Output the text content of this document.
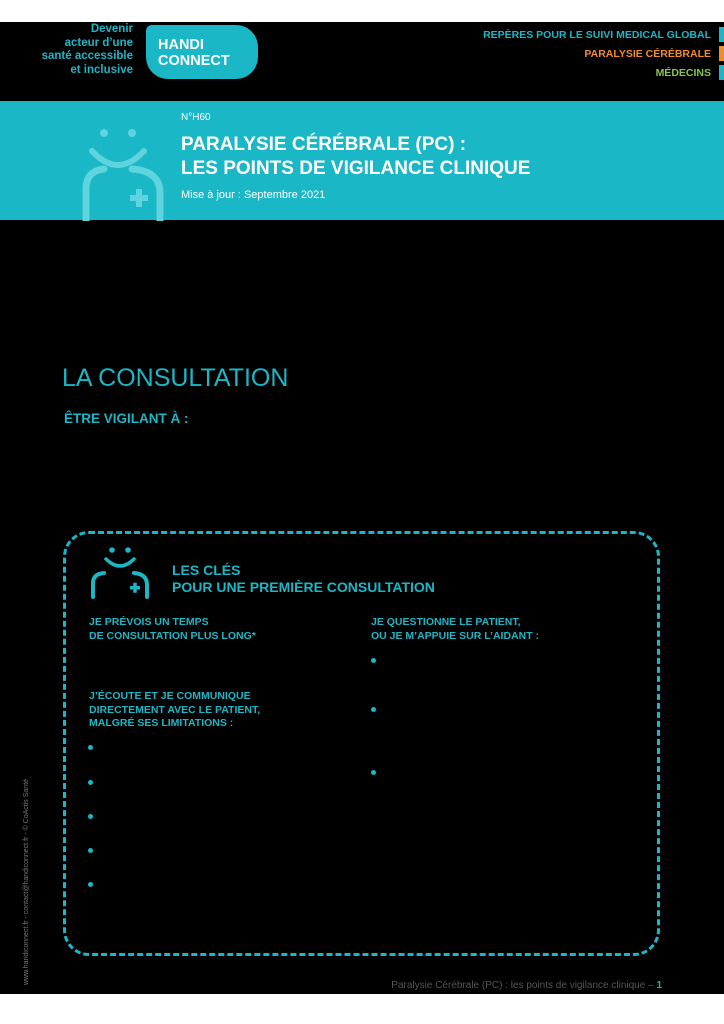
Devenir
acteur d’une
santé accessible
et inclusive
HANDI
CONNECT
REPÈRES POUR LE SUIVI MEDICAL GLOBAL
PARALYSIE CÉRÉBRALE
MÉDECINS
N°H60
PARALYSIE CÉRÉBRALE (PC) :
LES POINTS DE VIGILANCE CLINIQUE
Mise à jour : Septembre 2021
LA CONSULTATION
ÊTRE VIGILANT À :
LES CLÉS
POUR UNE PREMIÈRE CONSULTATION
JE PRÉVOIS UN TEMPS
DE CONSULTATION PLUS LONG*
J’ÉCOUTE ET JE COMMUNIQUE
DIRECTEMENT AVEC LE PATIENT,
MALGRÉ SES LIMITATIONS :
JE QUESTIONNE LE PATIENT,
OU JE M’APPUIE SUR L’AIDANT :
www.handiconnect.fr - contact@handiconnect.fr - © CoActis Santé
Paralysie Cérébrale (PC) : les points de vigilance clinique – 1
